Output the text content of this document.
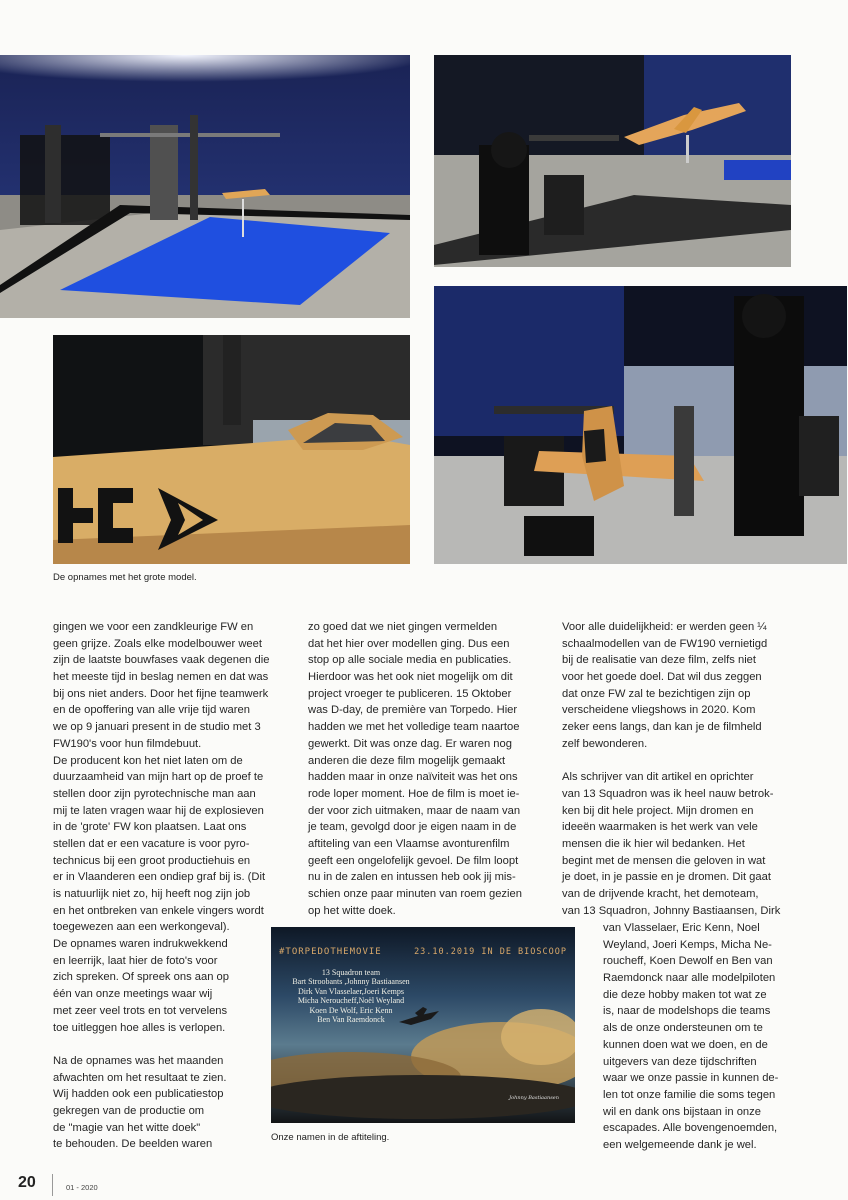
De opnames met het grote model.
gingen we voor een zandkleurige FW en
geen grijze. Zoals elke modelbouwer weet
zijn de laatste bouwfases vaak degenen die
het meeste tijd in beslag nemen en dat was
bij ons niet anders. Door het fijne teamwerk
en de opoffering van alle vrije tijd waren
we op 9 januari present in de studio met 3
FW190's voor hun filmdebuut.
De producent kon het niet laten om de
duurzaamheid van mijn hart op de proef te
stellen door zijn pyrotechnische man aan
mij te laten vragen waar hij de explosieven
in de 'grote' FW kon plaatsen. Laat ons
stellen dat er een vacature is voor pyro-
technicus bij een groot productiehuis en
er in Vlaanderen een ondiep graf bij is. (Dit
is natuurlijk niet zo, hij heeft nog zijn job
en het ontbreken van enkele vingers wordt
toegewezen aan een werkongeval).
De opnames waren indrukwekkend
en leerrijk, laat hier de foto's voor
zich spreken. Of spreek ons aan op
één van onze meetings waar wij
met zeer veel trots en tot vervelens
toe uitleggen hoe alles is verlopen.
Na de opnames was het maanden
afwachten om het resultaat te zien.
Wij hadden ook een publicatiestop
gekregen van de productie om
de "magie van het witte doek"
te behouden. De beelden waren
zo goed dat we niet gingen vermelden
dat het hier over modellen ging. Dus een
stop op alle sociale media en publicaties.
Hierdoor was het ook niet mogelijk om dit
project vroeger te publiceren. 15 Oktober
was D-day, de première van Torpedo. Hier
hadden we met het volledige team naartoe
gewerkt. Dit was onze dag. Er waren nog
anderen die deze film mogelijk gemaakt
hadden maar in onze naïviteit was het ons
rode loper moment. Hoe de film is moet ie-
der voor zich uitmaken, maar de naam van
je team, gevolgd door je eigen naam in de
aftiteling van een Vlaamse avonturenfilm
geeft een ongelofelijk gevoel. De film loopt
nu in de zalen en intussen heb ook jij mis-
schien onze paar minuten van roem gezien
op het witte doek.
Voor alle duidelijkheid: er werden geen ¼
schaalmodellen van de FW190 vernietigd
bij de realisatie van deze film, zelfs niet
voor het goede doel. Dat wil dus zeggen
dat onze FW zal te bezichtigen zijn op
verscheidene vliegshows in 2020. Kom
zeker eens langs, dan kan je de filmheld
zelf bewonderen.
Als schrijver van dit artikel en oprichter
van 13 Squadron was ik heel nauw betrok-
ken bij dit hele project. Mijn dromen en
ideeën waarmaken is het werk van vele
mensen die ik hier wil bedanken. Het
begint met de mensen die geloven in wat
je doet, in je passie en je dromen. Dit gaat
van de drijvende kracht, het demoteam,
van 13 Squadron, Johnny Bastiaansen, Dirk
van Vlasselaer, Eric Kenn, Noel
Weyland, Joeri Kemps, Micha Ne-
roucheff, Koen Dewolf en Ben van
Raemdonck naar alle modelpiloten
die deze hobby maken tot wat ze
is, naar de modelshops die teams
als de onze ondersteunen om te
kunnen doen wat we doen, en de
uitgevers van deze tijdschriften
waar we onze passie in kunnen de-
len tot onze familie die soms tegen
wil en dank ons bijstaan in onze
escapades. Alle bovengenoemden,
een welgemeende dank je wel.
#TORPEDOTHEMOVIE	23.10.2019 IN DE BIOSCOOP
13 Squadron team
Bart Stroobants ,Johnny Bastiaansen
Dirk Van Vlasselaer,Joeri Kemps
Micha Neroucheff,Noël Weyland
Koen De Wolf, Eric Kenn
Ben Van Raemdonck
Johnny Bastiaansen
Onze namen in de aftiteling.
20	01 - 2020
